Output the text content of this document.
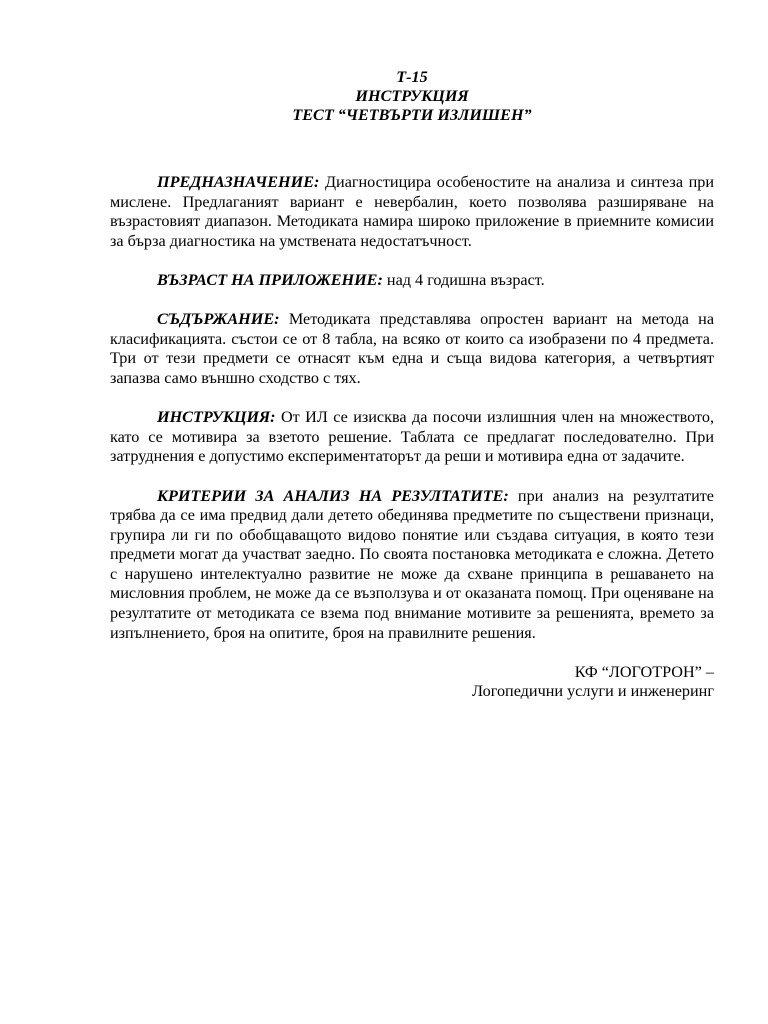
Т-15
ИНСТРУКЦИЯ
ТЕСТ “ЧЕТВЪРТИ ИЗЛИШЕН”

ПРЕДНАЗНАЧЕНИЕ: Диагностицира особеностите на анализа и синтеза при мислене. Предлаганият вариант е невербалин, което позволява разширяване на възрастовият диапазон. Методиката намира широко приложение в приемните комисии за бърза диагностика на умствената недостатъчност.

ВЪЗРАСТ НА ПРИЛОЖЕНИЕ: над 4 годишна възраст.

СЪДЪРЖАНИЕ: Методиката представлява опростен вариант на метода на класификацията. състои се от 8 табла, на всяко от които са изобразени по 4 предмета. Три от тези предмети се отнасят към една и съща видова категория, а четвъртият запазва само външно сходство с тях.

ИНСТРУКЦИЯ: От ИЛ се изисква да посочи излишния член на множеството, като се мотивира за взетото решение. Таблата се предлагат последователно. При затруднения е допустимо експериментаторът да реши и мотивира една от задачите.

КРИТЕРИИ ЗА АНАЛИЗ НА РЕЗУЛТАТИТЕ: при анализ на резултатите трябва да се има предвид дали детето обединява предметите по съществени признаци, групира ли ги по обобщаващото видово понятие или създава ситуация, в която тези предмети могат да участват заедно. По своята постановка методиката е сложна. Детето с нарушено интелектуално развитие не може да схване принципа в решаването на мисловния проблем, не може да се възползува и от оказаната помощ. При оценяване на резултатите от методиката се взема под внимание мотивите за решенията, времето за изпълнението, броя на опитите, броя на правилните решения.

КФ “ЛОГОТРОН” –
Логопедични услуги и инженеринг
